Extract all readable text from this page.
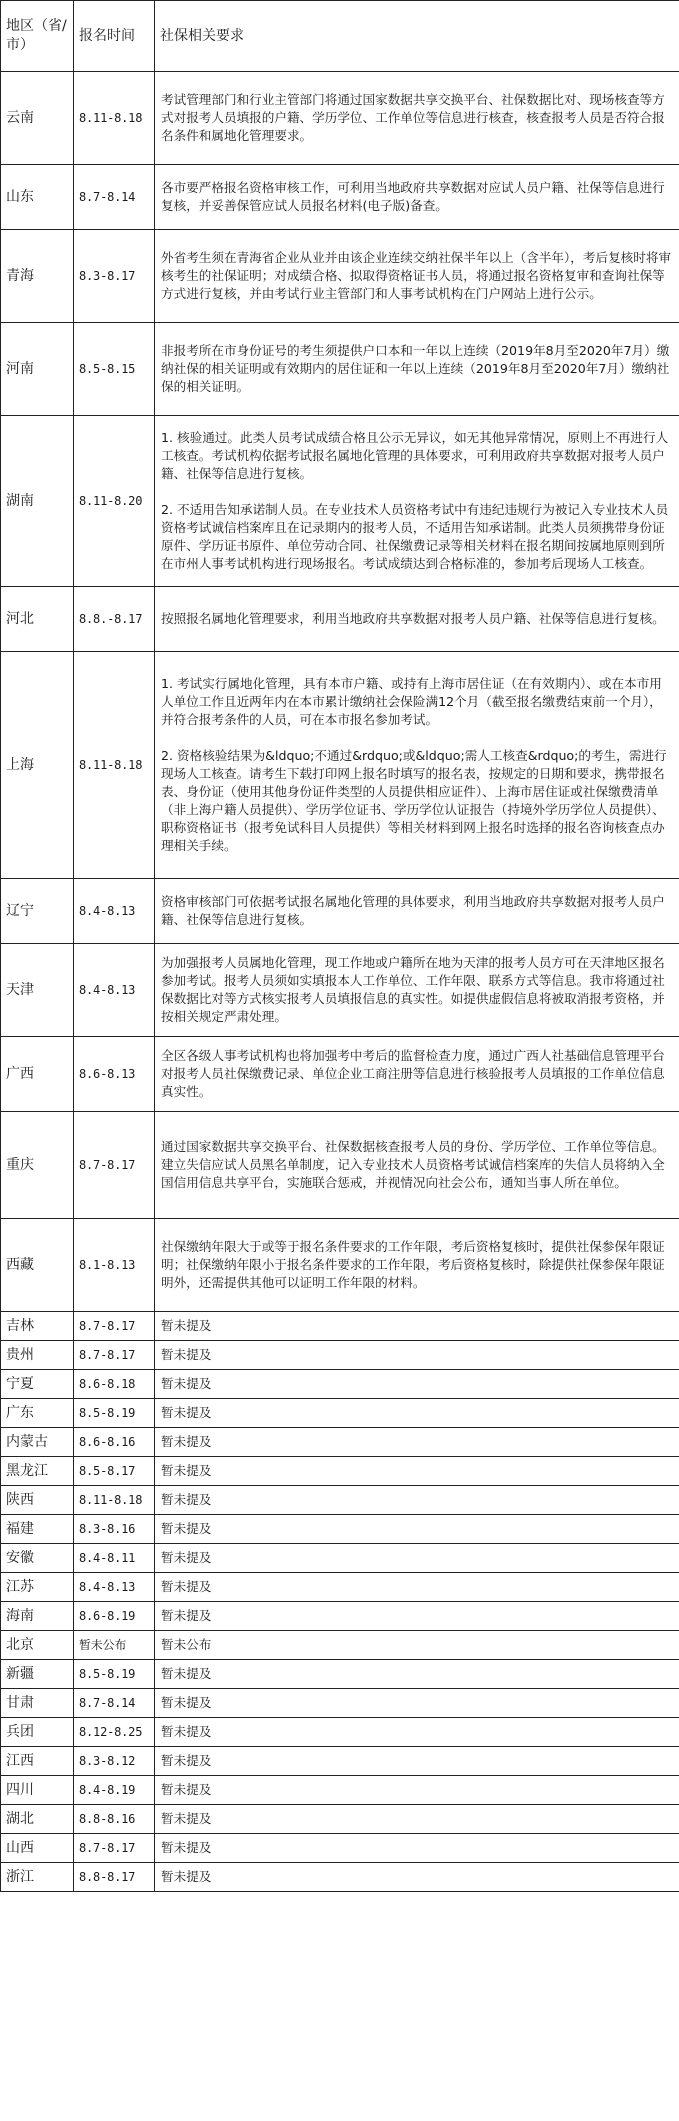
地区（省/市）	报名时间	社保相关要求
云南	8.11-8.18	考试管理部门和行业主管部门将通过国家数据共享交换平台、社保数据比对、现场核查等方式对报考人员填报的户籍、学历学位、工作单位等信息进行核查，核查报考人员是否符合报名条件和属地化管理要求。

山东	8.7-8.14	各市要严格报名资格审核工作，可利用当地政府共享数据对应试人员户籍、社保等信息进行复核，并妥善保管应试人员报名材料(电子版)备查。

青海	8.3-8.17	外省考生须在青海省企业从业并由该企业连续交纳社保半年以上（含半年），考后复核时将审核考生的社保证明；对成绩合格、拟取得资格证书人员，将通过报名资格复审和查询社保等方式进行复核，并由考试行业主管部门和人事考试机构在门户网站上进行公示。

河南	8.5-8.15	非报考所在市身份证号的考生须提供户口本和一年以上连续（2019年8月至2020年7月）缴纳社保的相关证明或有效期内的居住证和一年以上连续（2019年8月至2020年7月）缴纳社保的相关证明。

湖南	8.11-8.20	1. 核验通过。此类人员考试成绩合格且公示无异议，如无其他异常情况，原则上不再进行人工核查。考试机构依据考试报名属地化管理的具体要求，可利用政府共享数据对报考人员户籍、社保等信息进行复核。
2. 不适用告知承诺制人员。在专业技术人员资格考试中有违纪违规行为被记入专业技术人员资格考试诚信档案库且在记录期内的报考人员，不适用告知承诺制。此类人员须携带身份证原件、学历证书原件、单位劳动合同、社保缴费记录等相关材料在报名期间按属地原则到所在市州人事考试机构进行现场报名。考试成绩达到合格标准的，参加考后现场人工核查。

河北	8.8.-8.17	按照报名属地化管理要求，利用当地政府共享数据对报考人员户籍、社保等信息进行复核。

上海	8.11-8.18	1. 考试实行属地化管理，具有本市户籍、或持有上海市居住证（在有效期内）、或在本市用人单位工作且近两年内在本市累计缴纳社会保险满12个月（截至报名缴费结束前一个月），并符合报考条件的人员，可在本市报名参加考试。
2. 资格核验结果为&ldquo;不通过&rdquo;或&ldquo;需人工核查&rdquo;的考生，需进行现场人工核查。请考生下载打印网上报名时填写的报名表，按规定的日期和要求，携带报名表、身份证（使用其他身份证件类型的人员提供相应证件）、上海市居住证或社保缴费清单（非上海户籍人员提供）、学历学位证书、学历学位认证报告（持境外学历学位人员提供）、职称资格证书（报考免试科目人员提供）等相关材料到网上报名时选择的报名咨询核查点办理相关手续。

辽宁	8.4-8.13	资格审核部门可依据考试报名属地化管理的具体要求，利用当地政府共享数据对报考人员户籍、社保等信息进行复核。

天津	8.4-8.13	为加强报考人员属地化管理，现工作地或户籍所在地为天津的报考人员方可在天津地区报名参加考试。报考人员须如实填报本人工作单位、工作年限、联系方式等信息。我市将通过社保数据比对等方式核实报考人员填报信息的真实性。如提供虚假信息将被取消报考资格，并按相关规定严肃处理。

广西	8.6-8.13	全区各级人事考试机构也将加强考中考后的监督检查力度，通过广西人社基础信息管理平台对报考人员社保缴费记录、单位企业工商注册等信息进行核验报考人员填报的工作单位信息真实性。

重庆	8.7-8.17	通过国家数据共享交换平台、社保数据核查报考人员的身份、学历学位、工作单位等信息。建立失信应试人员黑名单制度，记入专业技术人员资格考试诚信档案库的失信人员将纳入全国信用信息共享平台，实施联合惩戒，并视情况向社会公布，通知当事人所在单位。

西藏	8.1-8.13	社保缴纳年限大于或等于报名条件要求的工作年限，考后资格复核时，提供社保参保年限证明；社保缴纳年限小于报名条件要求的工作年限，考后资格复核时，除提供社保参保年限证明外，还需提供其他可以证明工作年限的材料。

吉林	8.7-8.17	暂未提及

贵州	8.7-8.17	暂未提及

宁夏	8.6-8.18	暂未提及

广东	8.5-8.19	暂未提及

内蒙古	8.6-8.16	暂未提及

黑龙江	8.5-8.17	暂未提及

陕西	8.11-8.18	暂未提及

福建	8.3-8.16	暂未提及

安徽	8.4-8.11	暂未提及

江苏	8.4-8.13	暂未提及

海南	8.6-8.19	暂未提及

北京	暂未公布	暂未公布

新疆	8.5-8.19	暂未提及

甘肃	8.7-8.14	暂未提及

兵团	8.12-8.25	暂未提及

江西	8.3-8.12	暂未提及

四川	8.4-8.19	暂未提及

湖北	8.8-8.16	暂未提及

山西	8.7-8.17	暂未提及

浙江	8.8-8.17	暂未提及
